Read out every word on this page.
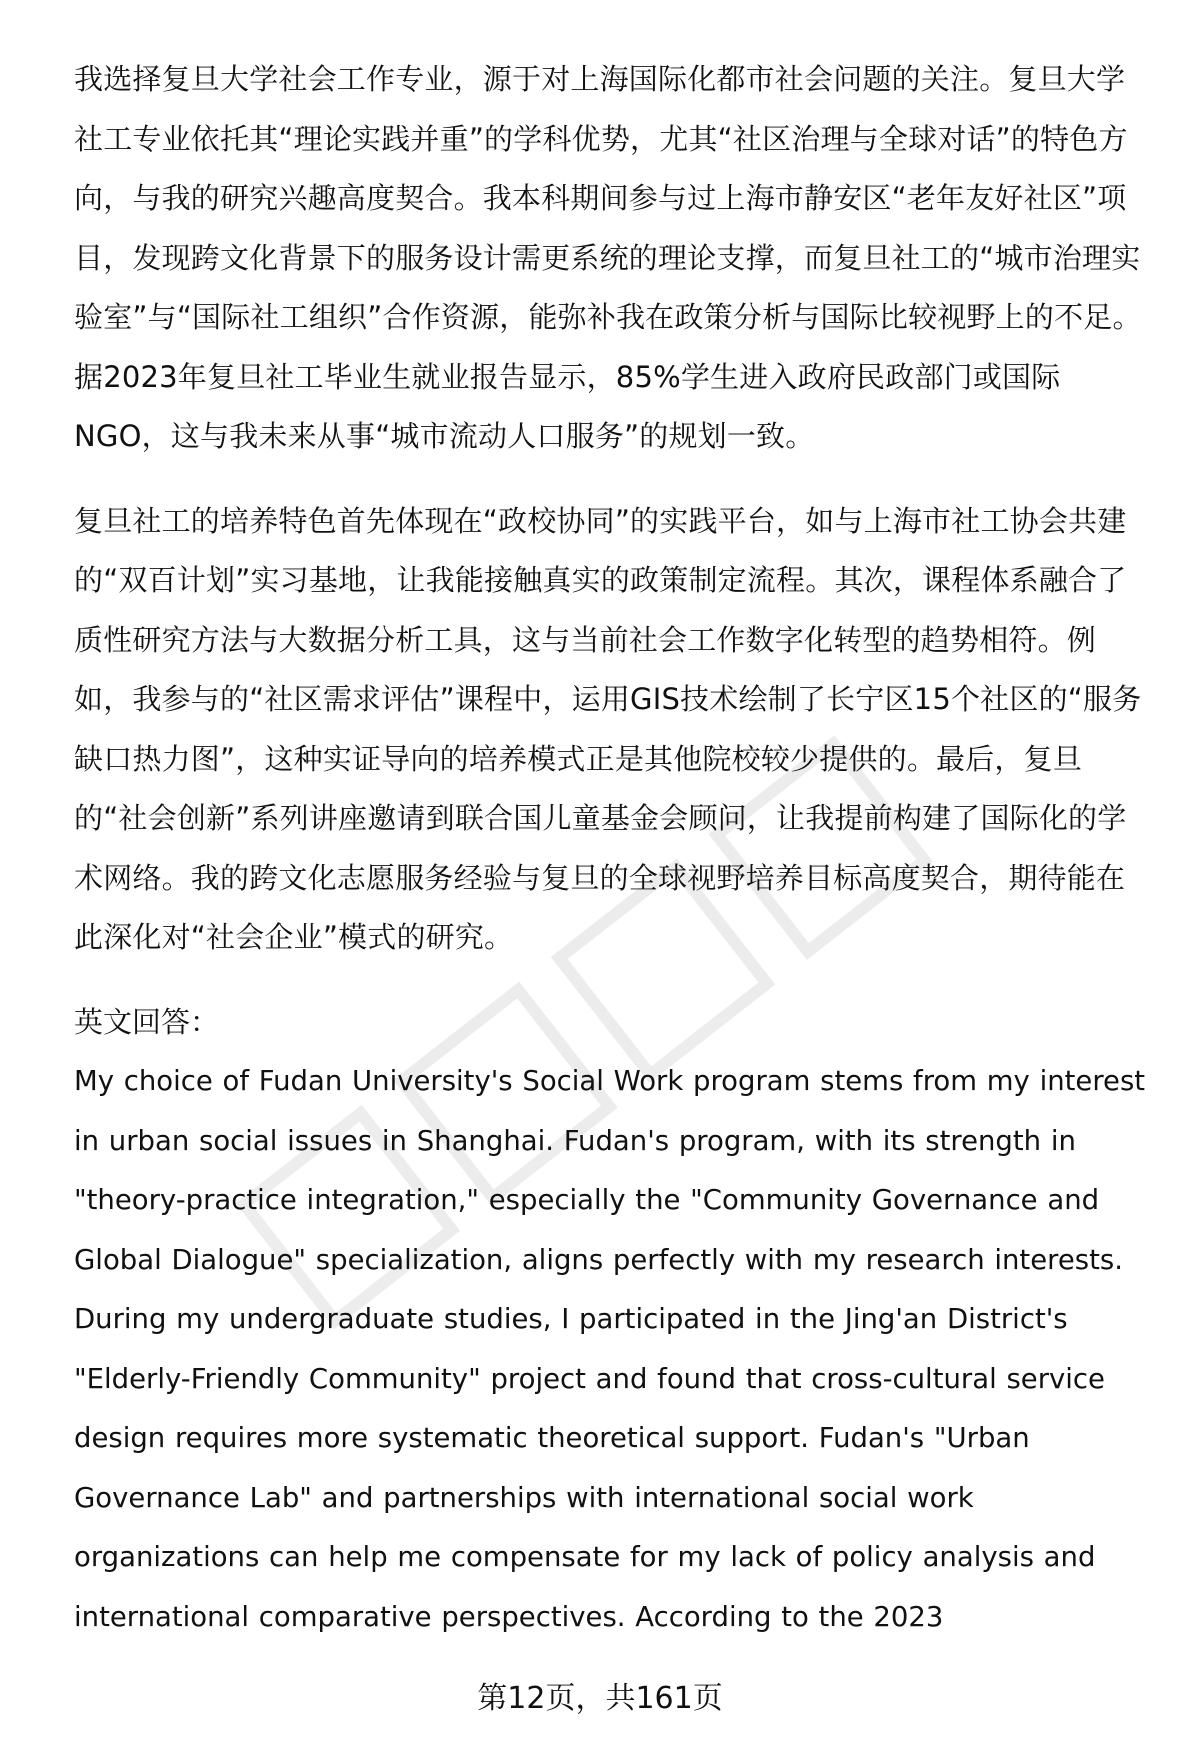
我选择复旦大学社会工作专业，源于对上海国际化都市社会问题的关注。复旦大学社工专业依托其“理论实践并重”的学科优势，尤其“社区治理与全球对话”的特色方向，与我的研究兴趣高度契合。我本科期间参与过上海市静安区“老年友好社区”项目，发现跨文化背景下的服务设计需更系统的理论支撑，而复旦社工的“城市治理实验室”与“国际社工组织”合作资源，能弥补我在政策分析与国际比较视野上的不足。据2023年复旦社工毕业生就业报告显示，85%学生进入政府民政部门或国际NGO，这与我未来从事“城市流动人口服务”的规划一致。

复旦社工的培养特色首先体现在“政校协同”的实践平台，如与上海市社工协会共建的“双百计划”实习基地，让我能接触真实的政策制定流程。其次，课程体系融合了质性研究方法与大数据分析工具，这与当前社会工作数字化转型的趋势相符。例如，我参与的“社区需求评估”课程中，运用GIS技术绘制了长宁区15个社区的“服务缺口热力图”，这种实证导向的培养模式正是其他院校较少提供的。最后，复旦的“社会创新”系列讲座邀请到联合国儿童基金会顾问，让我提前构建了国际化的学术网络。我的跨文化志愿服务经验与复旦的全球视野培养目标高度契合，期待能在此深化对“社会企业”模式的研究。

英文回答：

My choice of Fudan University's Social Work program stems from my interest in urban social issues in Shanghai. Fudan's program, with its strength in "theory-practice integration," especially the "Community Governance and Global Dialogue" specialization, aligns perfectly with my research interests. During my undergraduate studies, I participated in the Jing'an District's "Elderly-Friendly Community" project and found that cross-cultural service design requires more systematic theoretical support. Fudan's "Urban Governance Lab" and partnerships with international social work organizations can help me compensate for my lack of policy analysis and international comparative perspectives. According to the 2023

第12页，共161页
